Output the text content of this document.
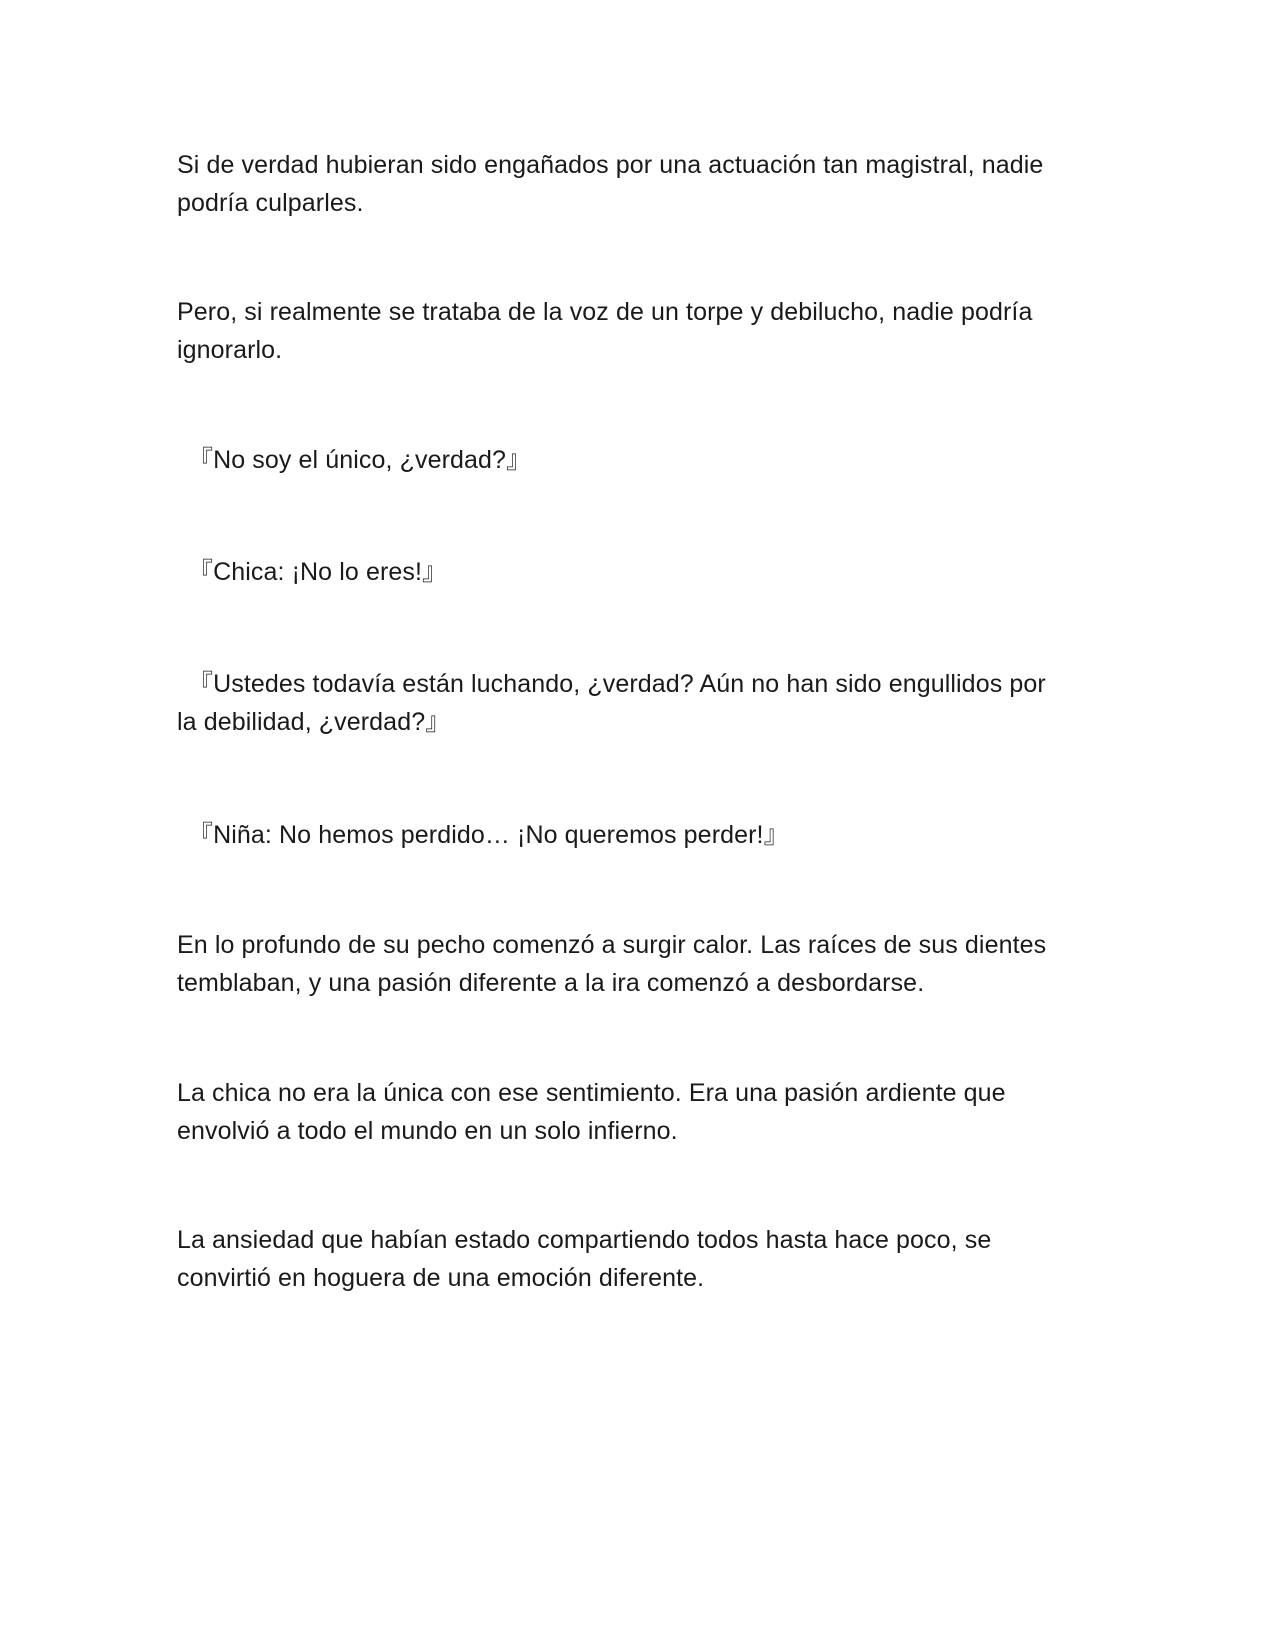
Si de verdad hubieran sido engañados por una actuación tan magistral, nadie
podría culparles.

Pero, si realmente se trataba de la voz de un torpe y debilucho, nadie podría
ignorarlo.

『No soy el único, ¿verdad?』

『Chica: ¡No lo eres!』

『Ustedes todavía están luchando, ¿verdad? Aún no han sido engullidos por
la debilidad, ¿verdad?』

『Niña: No hemos perdido… ¡No queremos perder!』

En lo profundo de su pecho comenzó a surgir calor. Las raíces de sus dientes
temblaban, y una pasión diferente a la ira comenzó a desbordarse.

La chica no era la única con ese sentimiento. Era una pasión ardiente que
envolvió a todo el mundo en un solo infierno.

La ansiedad que habían estado compartiendo todos hasta hace poco, se
convirtió en hoguera de una emoción diferente.
